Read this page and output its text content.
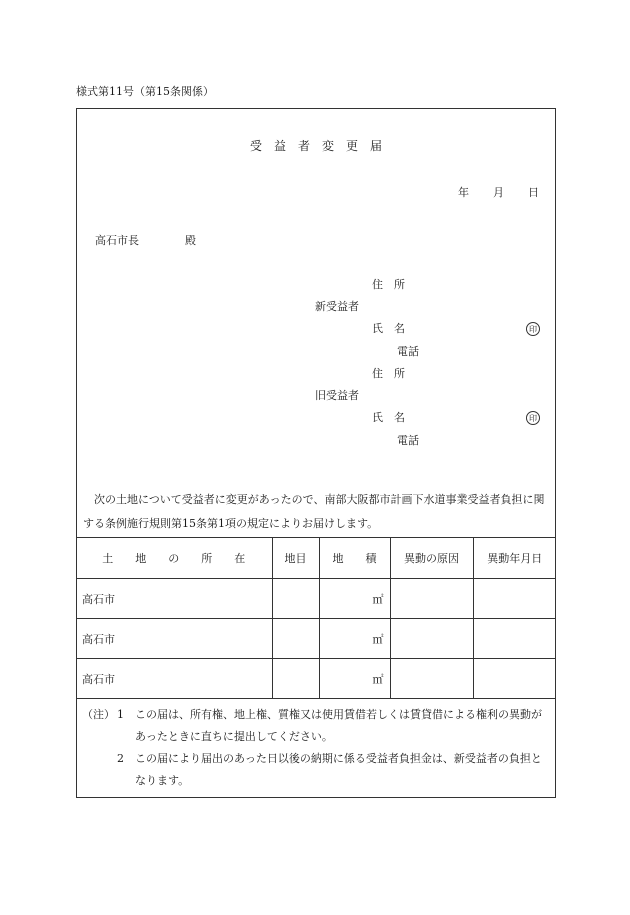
様式第11号（第15条関係）
受　益　者　変　更　届
年 月 日
高石市長	殿
住　所
新受益者
氏　名	印
電話
住　所
旧受益者
氏　名	印
電話
次の土地について受益者に変更があったので、南部大阪都市計画下水道事業受益者負担に関する条例施行規則第15条第1項の規定によりお届けします。
土　　地　　の　　所　　在	地目	地　　積	異動の原因	異動年月日
高石市		㎡		
高石市		㎡		
高石市		㎡		
（注） 1 この届は、所有権、地上権、質権又は使用賃借若しくは賃貸借による権利の異動があったときに直ちに提出してください。
2 この届により届出のあった日以後の納期に係る受益者負担金は、新受益者の負担となります。
